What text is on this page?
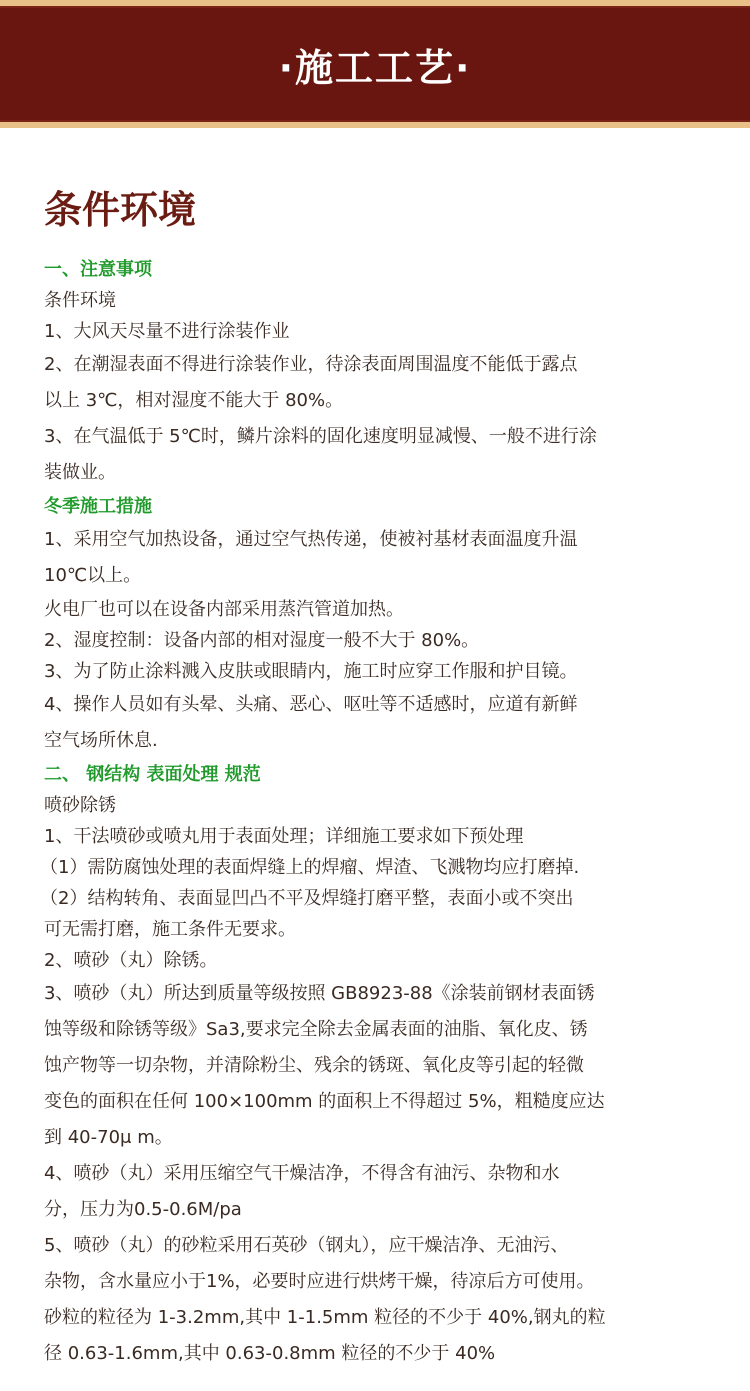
·施工工艺·
条件环境
一、注意事项
条件环境
1、大风天尽量不进行涂装作业
2、在潮湿表面不得进行涂装作业，待涂表面周围温度不能低于露点
以上 3℃，相对湿度不能大于 80%。
3、在气温低于 5℃时，鳞片涂料的固化速度明显减慢、一般不进行涂
装做业。
冬季施工措施
1、采用空气加热设备，通过空气热传递，使被衬基材表面温度升温
10℃以上。
火电厂也可以在设备内部采用蒸汽管道加热。
2、湿度控制：设备内部的相对湿度一般不大于 80%。
3、为了防止涂料溅入皮肤或眼睛内，施工时应穿工作服和护目镜。
4、操作人员如有头晕、头痛、恶心、呕吐等不适感时，应道有新鲜
空气场所休息.
二、 钢结构 表面处理 规范
喷砂除锈
1、干法喷砂或喷丸用于表面处理；详细施工要求如下预处理
（1）需防腐蚀处理的表面焊缝上的焊瘤、焊渣、飞溅物均应打磨掉.
（2）结构转角、表面显凹凸不平及焊缝打磨平整，表面小或不突出
可无需打磨，施工条件无要求。
2、喷砂（丸）除锈。
3、喷砂（丸）所达到质量等级按照 GB8923-88《涂装前钢材表面锈
蚀等级和除锈等级》Sa3,要求完全除去金属表面的油脂、氧化皮、锈
蚀产物等一切杂物，并清除粉尘、残余的锈斑、氧化皮等引起的轻微
变色的面积在任何 100×100mm 的面积上不得超过 5%，粗糙度应达
到 40-70μ m。
4、喷砂（丸）采用压缩空气干燥洁净，不得含有油污、杂物和水
分，压力为0.5-0.6M/pa
5、喷砂（丸）的砂粒采用石英砂（钢丸），应干燥洁净、无油污、
杂物，含水量应小于1%，必要时应进行烘烤干燥，待凉后方可使用。
砂粒的粒径为 1-3.2mm,其中 1-1.5mm 粒径的不少于 40%,钢丸的粒
径 0.63-1.6mm,其中 0.63-0.8mm 粒径的不少于 40%
